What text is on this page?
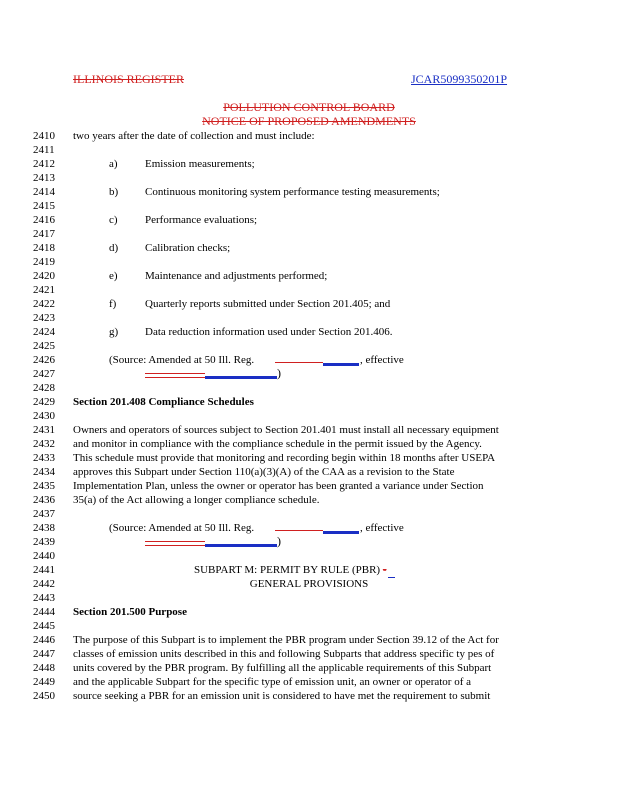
ILLINOIS REGISTER	JCAR5099350201P
POLLUTION CONTROL BOARD
NOTICE OF PROPOSED AMENDMENTS
2410
2411
2412
2413
2414
2415
2416
2417
2418
2419
2420
2421
2422
2423
2424
2425
2426
2427
2428
2429
2430
2431
2432
2433
2434
2435
2436
2437
2438
2439
2440
2441
2442
2443
2444
2445
2446
2447
2448
2449
2450
two years after the date of collection and must include:
a) Emission measurements;
b) Continuous monitoring system performance testing measurements;
c) Performance evaluations;
d) Calibration checks;
e) Maintenance and adjustments performed;
f)	Quarterly reports submitted under Section 201.405; and
g) Data reduction information used under Section 201.406.
(Source: Amended at 50 Ill. Reg.	, effective
)
Section 201.408 Compliance Schedules
Owners and operators of sources subject to Section 201.401 must install all necessary equipment
and monitor in compliance with the compliance schedule in the permit issued by the Agency.
This schedule must provide that monitoring and recording begin within 18 months after USEPA
approves this Subpart under Section 110(a)(3)(A) of the CAA as a revision to the State
Implementation Plan, unless the owner or operator has been granted a variance under Section
35(a) of the Act allowing a longer compliance schedule.
(Source: Amended at 50 Ill. Reg.	, effective
)
SUBPART M: PERMIT BY RULE (PBR) -
GENERAL PROVISIONS
Section 201.500 Purpose
The purpose of this Subpart is to implement the PBR program under Section 39.12 of the Act for
classes of emission units described in this and following Subparts that address specific ty pes of
units covered by the PBR program. By fulfilling all the applicable requirements of this Subpart
and the applicable Subpart for the specific type of emission unit, an owner or operator of a
source seeking a PBR for an emission unit is considered to have met the requirement to submit
